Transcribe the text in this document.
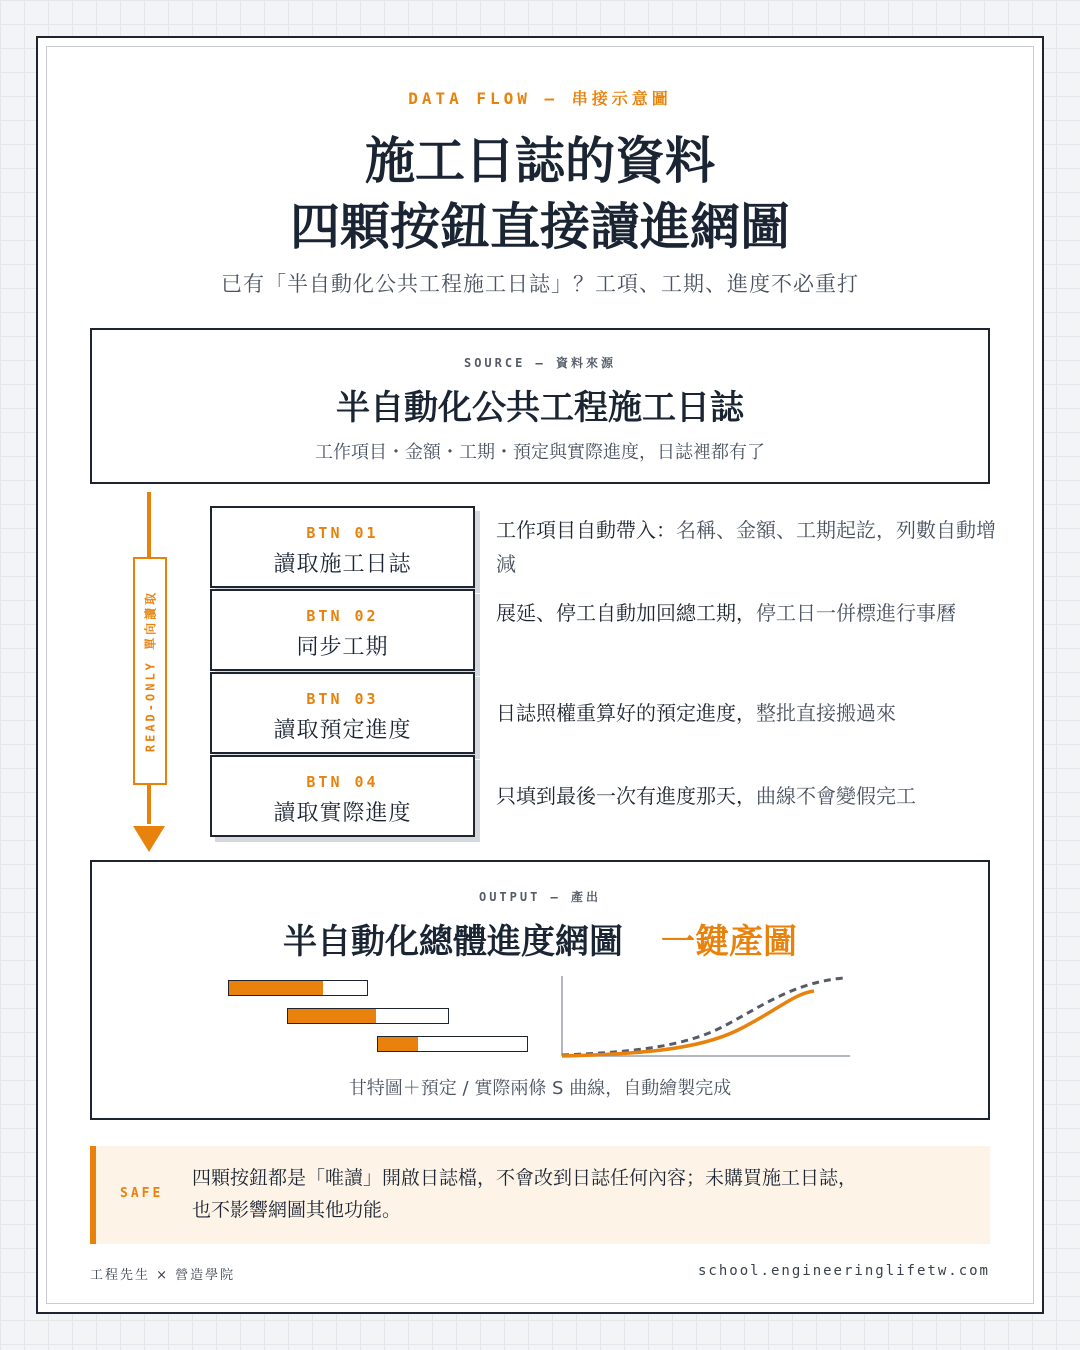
DATA FLOW — 串接示意圖
施工日誌的資料
四顆按鈕直接讀進網圖
已有「半自動化公共工程施工日誌」？工項、工期、進度不必重打
SOURCE — 資料來源
半自動化公共工程施工日誌
工作項目・金額・工期・預定與實際進度，日誌裡都有了
READ-ONLY 單向讀取
BTN 01
讀取施工日誌
工作項目自動帶入：名稱、金額、工期起訖，列數自動增減
BTN 02
同步工期
展延、停工自動加回總工期，停工日一併標進行事曆
BTN 03
讀取預定進度
日誌照權重算好的預定進度，整批直接搬過來
BTN 04
讀取實際進度
只填到最後一次有進度那天，曲線不會變假完工
OUTPUT — 產出
半自動化總體進度網圖 一鍵產圖
甘特圖＋預定 / 實際兩條 S 曲線，自動繪製完成
SAFE
四顆按鈕都是「唯讀」開啟日誌檔，不會改到日誌任何內容；未購買施工日誌，
也不影響網圖其他功能。
工程先生 × 營造學院	school.engineeringlifetw.com
